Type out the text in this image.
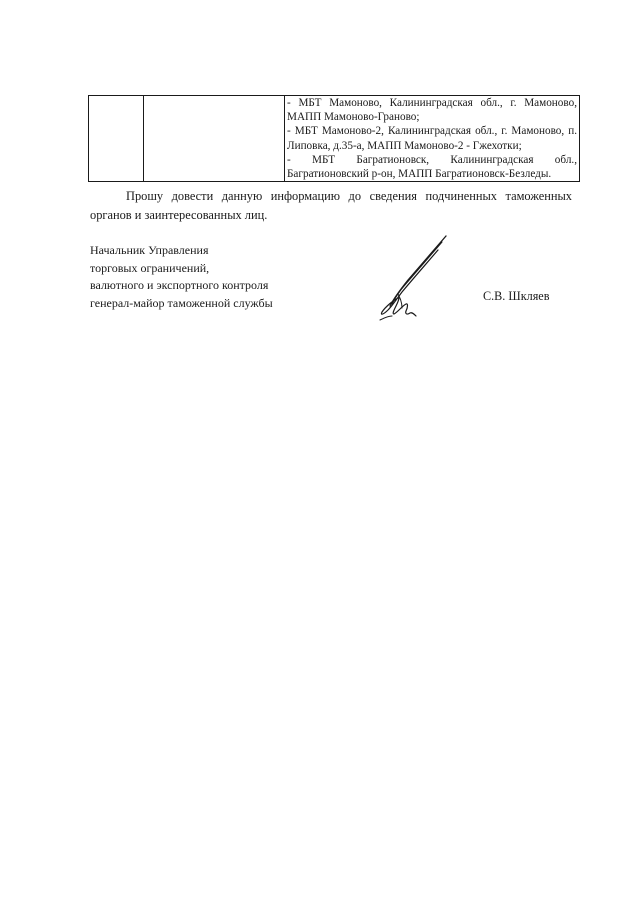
- МБТ Мамоново, Калининградская обл., г. Мамоново, МАПП Мамоново-Граново;
- МБТ Мамоново-2, Калининградская обл., г. Мамоново, п. Липовка, д.35-а, МАПП Мамоново-2 - Гжехотки;
- МБТ Багратионовск, Калининградская обл., Багратионовский р-он, МАПП Багратионовск-Безледы.

Прошу довести данную информацию до сведения подчиненных таможенных органов и заинтересованных лиц.

Начальник Управления
торговых ограничений,
валютного и экспортного контроля
генерал-майор таможенной службы	С.В. Шкляев
